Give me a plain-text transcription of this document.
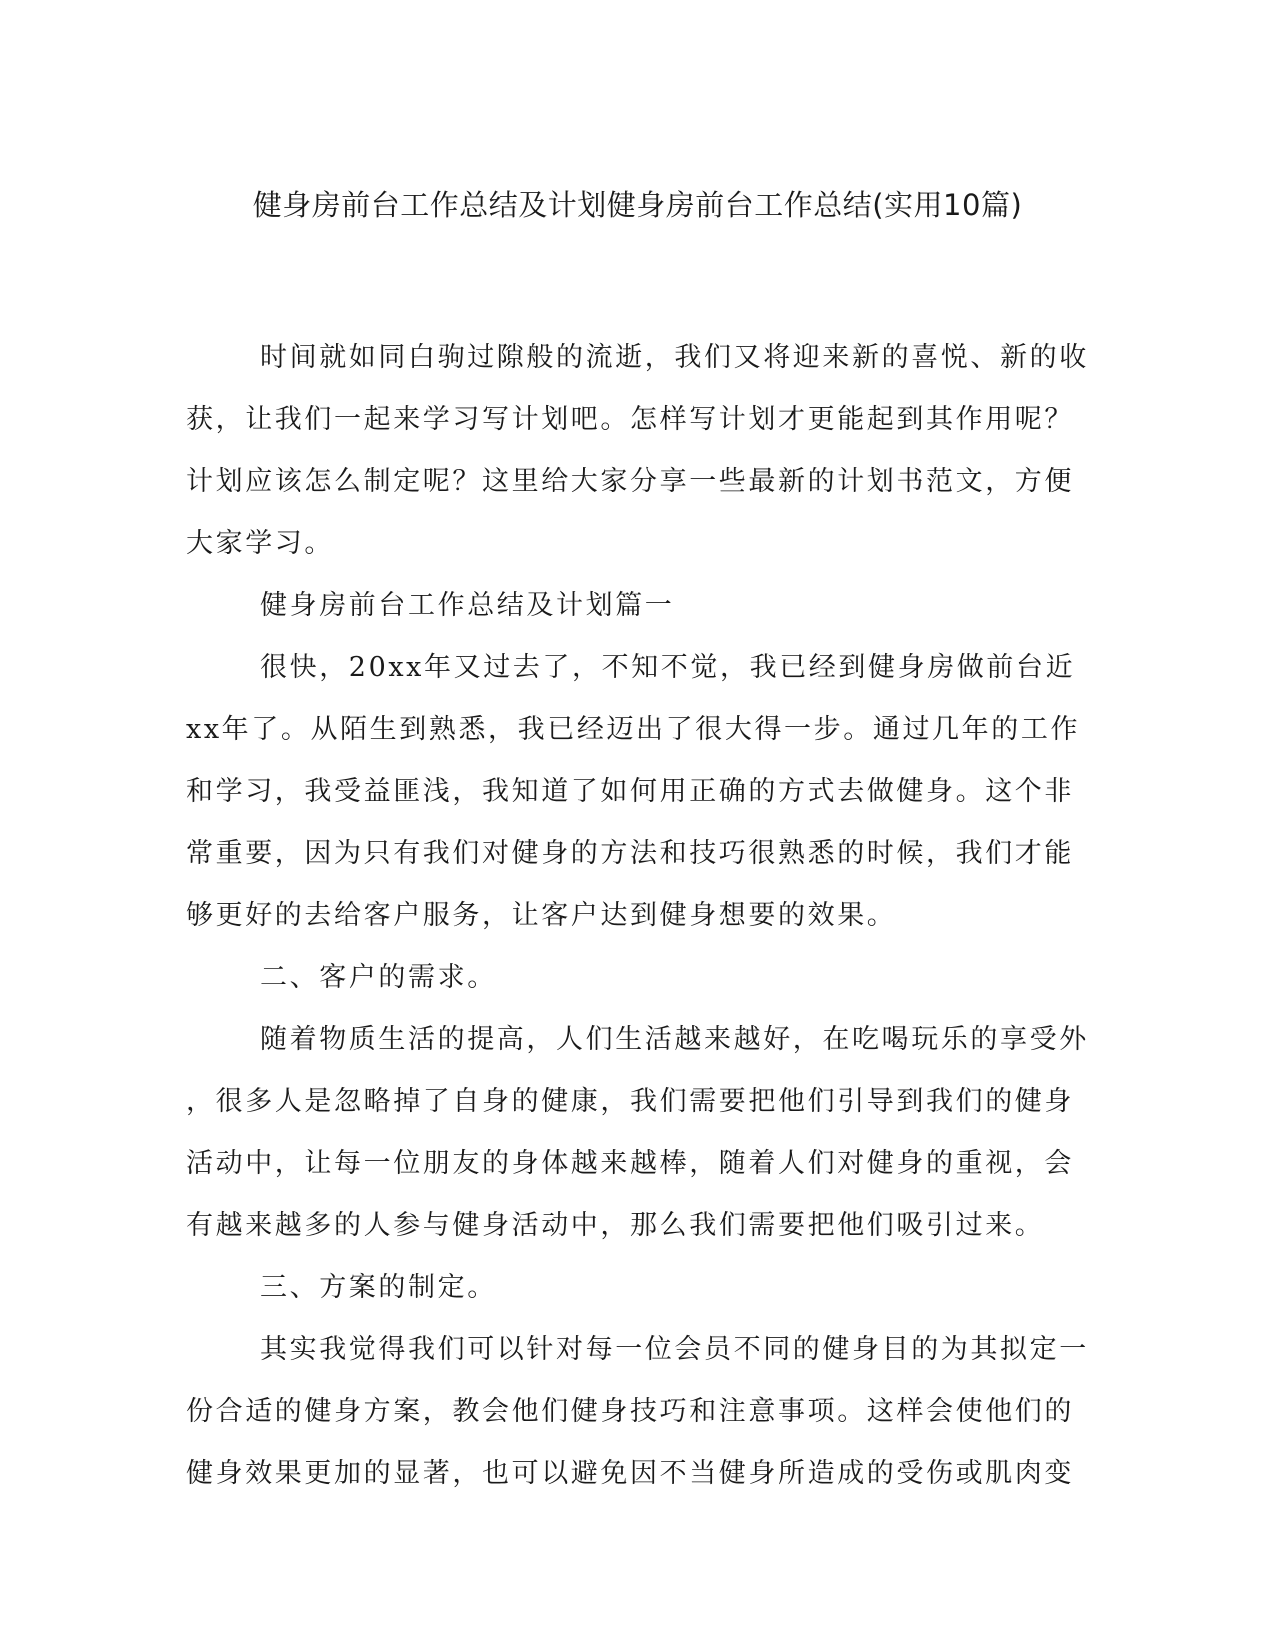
健身房前台工作总结及计划健身房前台工作总结(实用10篇)

时间就如同白驹过隙般的流逝，我们又将迎来新的喜悦、新的收
获，让我们一起来学习写计划吧。怎样写计划才更能起到其作用呢？
计划应该怎么制定呢？这里给大家分享一些最新的计划书范文，方便
大家学习。

健身房前台工作总结及计划篇一

很快，20xx年又过去了，不知不觉，我已经到健身房做前台近
xx年了。从陌生到熟悉，我已经迈出了很大得一步。通过几年的工作
和学习，我受益匪浅，我知道了如何用正确的方式去做健身。这个非
常重要，因为只有我们对健身的方法和技巧很熟悉的时候，我们才能
够更好的去给客户服务，让客户达到健身想要的效果。

二、客户的需求。

随着物质生活的提高，人们生活越来越好，在吃喝玩乐的享受外
，很多人是忽略掉了自身的健康，我们需要把他们引导到我们的健身
活动中，让每一位朋友的身体越来越棒，随着人们对健身的重视，会
有越来越多的人参与健身活动中，那么我们需要把他们吸引过来。

三、方案的制定。

其实我觉得我们可以针对每一位会员不同的健身目的为其拟定一
份合适的健身方案，教会他们健身技巧和注意事项。这样会使他们的
健身效果更加的显著，也可以避免因不当健身所造成的受伤或肌肉变
